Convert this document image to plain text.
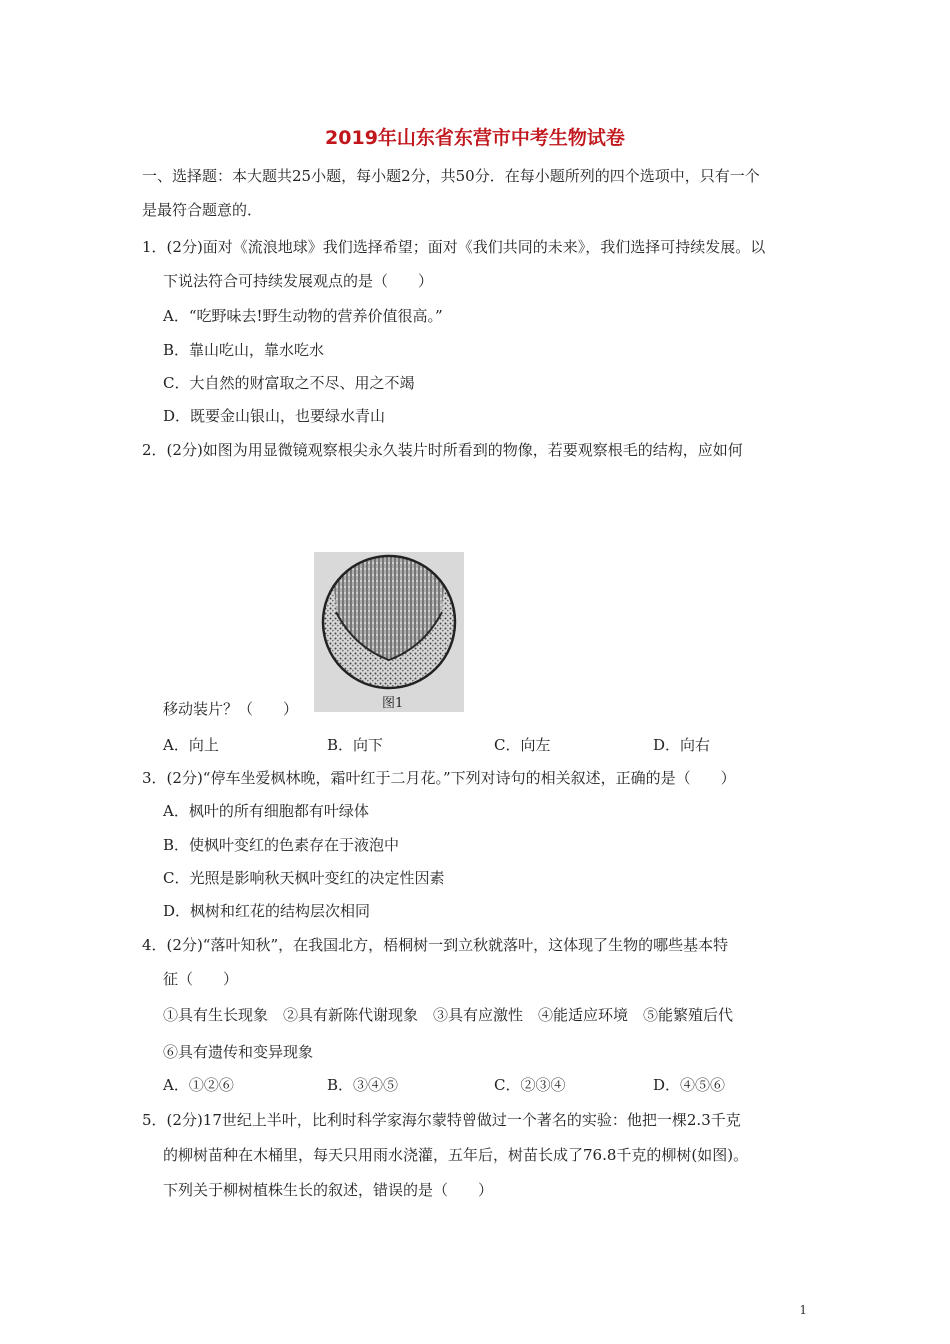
2019年山东省东营市中考生物试卷
一、选择题：本大题共25小题，每小题2分，共50分．在每小题所列的四个选项中，只有一个
是最符合题意的．
1．(2分)面对《流浪地球》我们选择希望；面对《我们共同的未来》，我们选择可持续发展。以
下说法符合可持续发展观点的是（　　）
A．“吃野味去!野生动物的营养价值很高。”
B．靠山吃山，靠水吃水
C．大自然的财富取之不尽、用之不竭
D．既要金山银山，也要绿水青山
2．(2分)如图为用显微镜观察根尖永久装片时所看到的物像，若要观察根毛的结构，应如何
图1
移动装片？（　　）
A．向上	B．向下	C．向左	D．向右
3．(2分)“停车坐爱枫林晚，霜叶红于二月花。”下列对诗句的相关叙述，正确的是（　　）
A．枫叶的所有细胞都有叶绿体
B．使枫叶变红的色素存在于液泡中
C．光照是影响秋天枫叶变红的决定性因素
D．枫树和红花的结构层次相同
4．(2分)“落叶知秋”，在我国北方，梧桐树一到立秋就落叶，这体现了生物的哪些基本特
征（　　）
①具有生长现象　②具有新陈代谢现象　③具有应激性　④能适应环境　⑤能繁殖后代
⑥具有遗传和变异现象
A．①②⑥	B．③④⑤	C．②③④	D．④⑤⑥
5．(2分)17世纪上半叶，比利时科学家海尔蒙特曾做过一个著名的实验：他把一棵2.3千克
的柳树苗种在木桶里，每天只用雨水浇灌，五年后，树苗长成了76.8千克的柳树(如图)。
下列关于柳树植株生长的叙述，错误的是（　　）
1
